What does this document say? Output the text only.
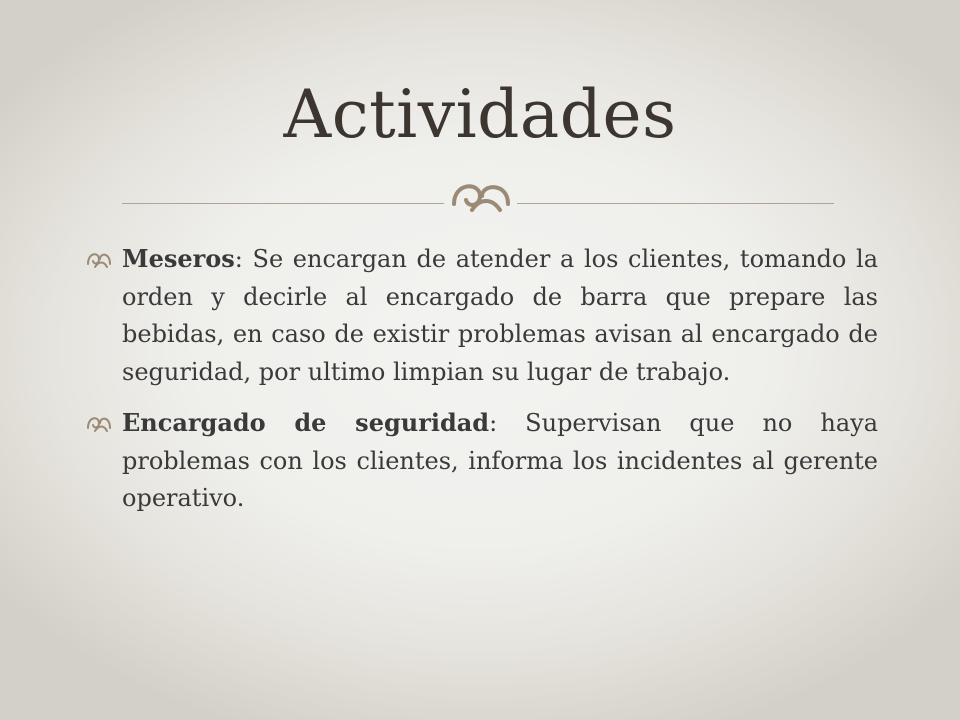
Actividades
Meseros: Se encargan de atender a los clientes, tomando la orden y decirle al encargado de barra que prepare las bebidas, en caso de existir problemas avisan al encargado de seguridad, por ultimo limpian su lugar de trabajo.
Encargado de seguridad: Supervisan que no haya problemas con los clientes, informa los incidentes al gerente operativo.
